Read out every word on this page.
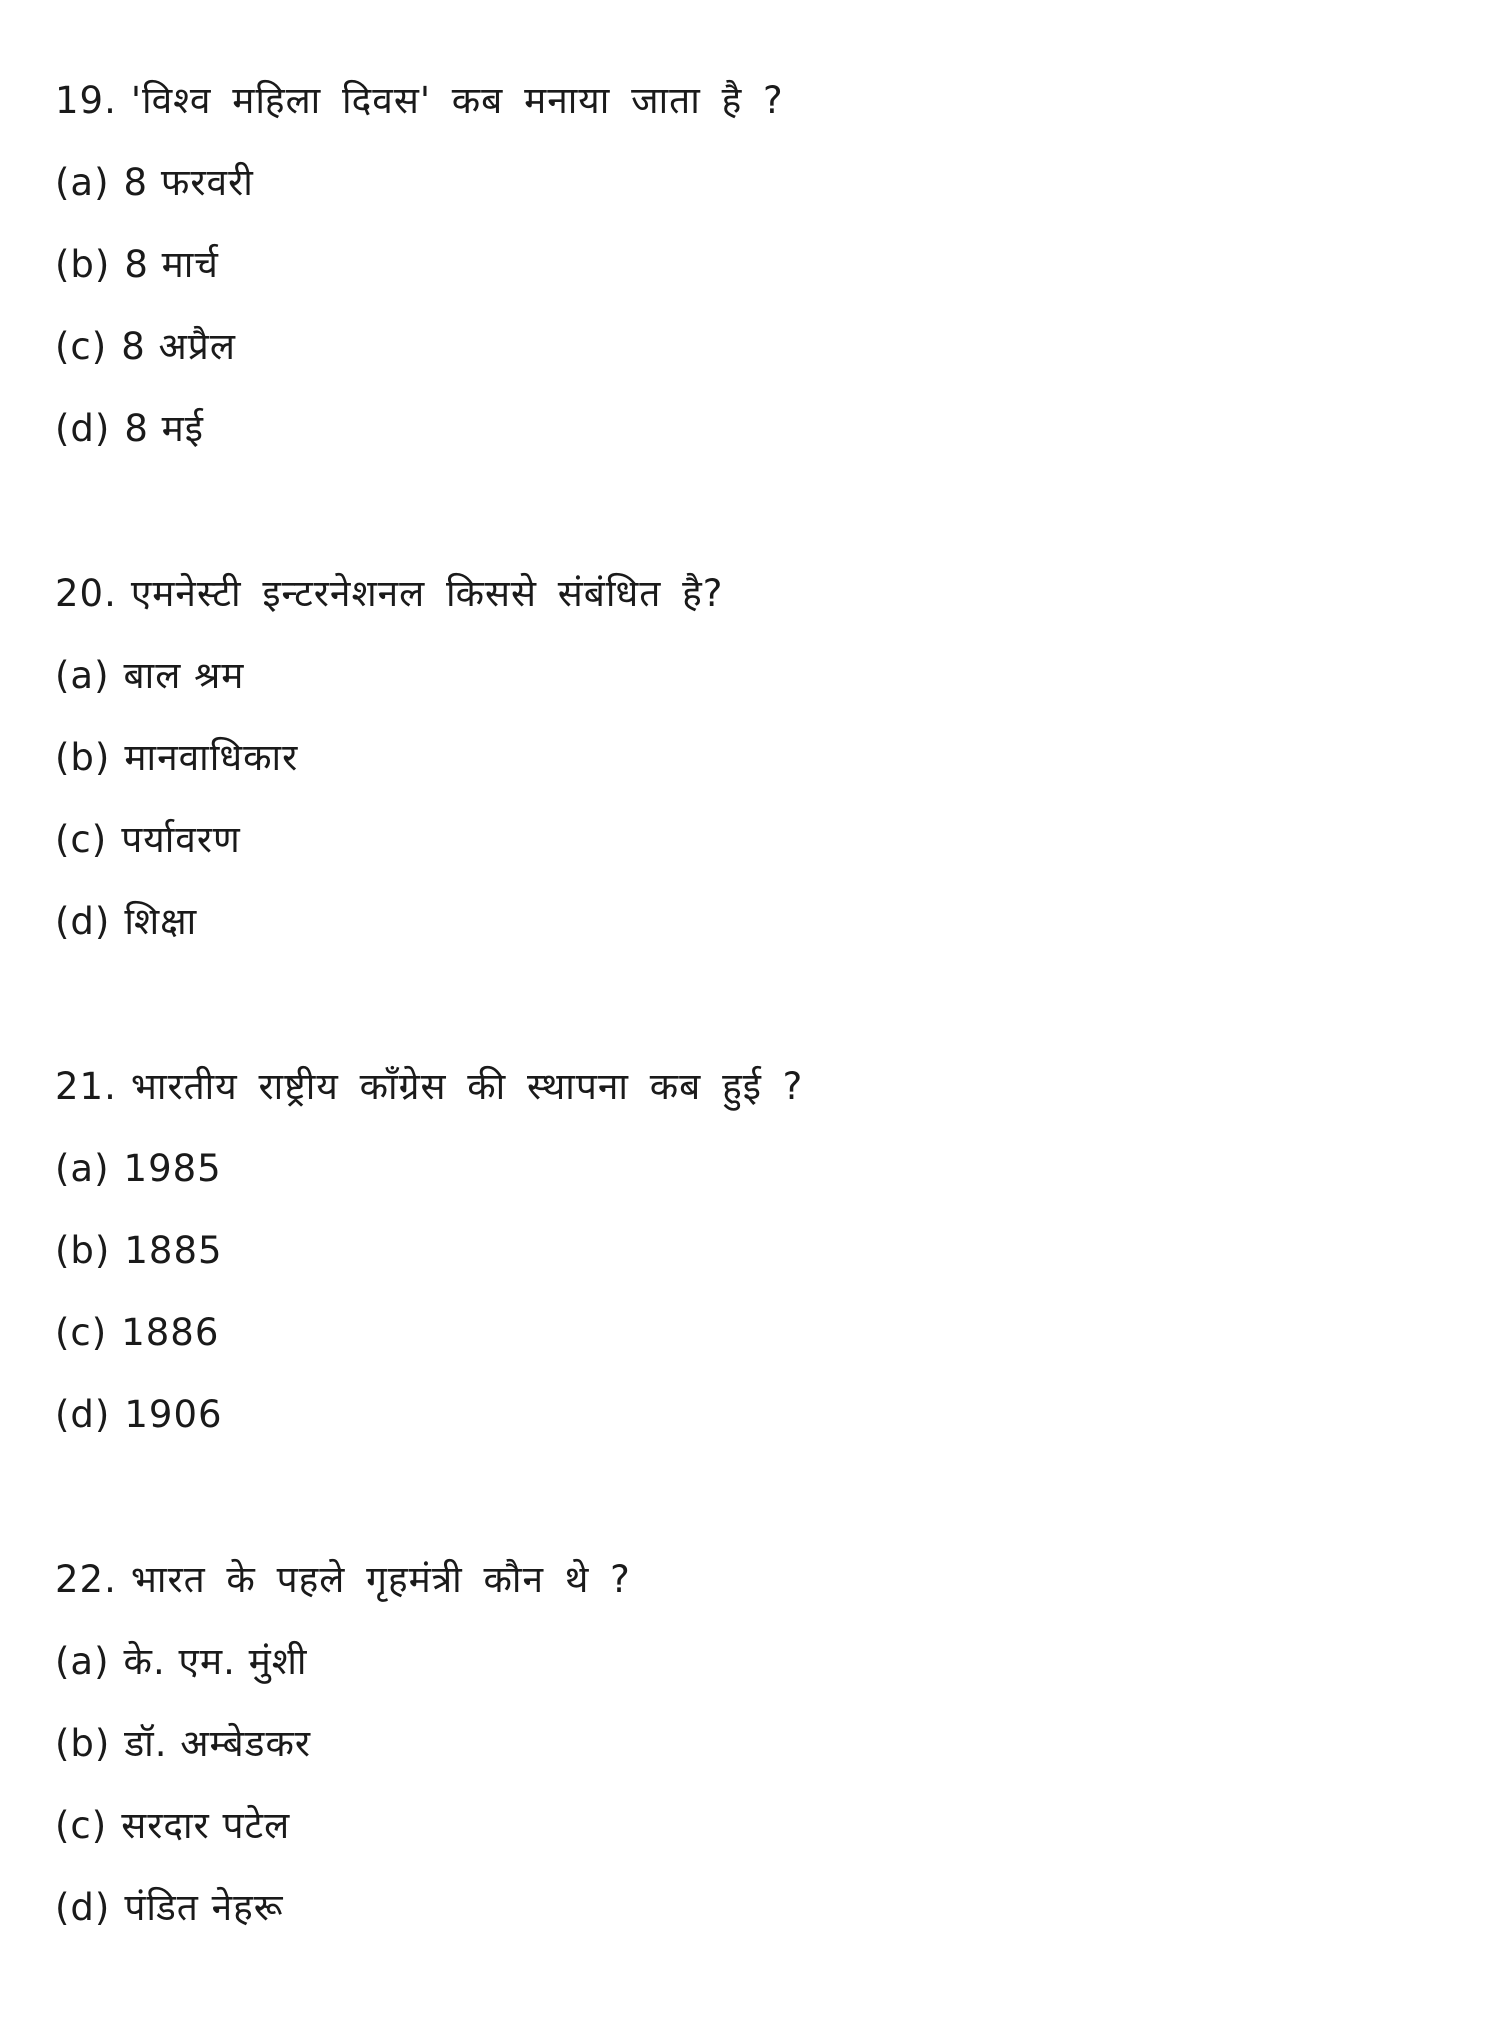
19. 'विश्व महिला दिवस' कब मनाया जाता है ?
(a) 8 फरवरी
(b) 8 मार्च
(c) 8 अप्रैल
(d) 8 मई
20. एमनेस्टी इन्टरनेशनल किससे संबंधित है?
(a) बाल श्रम
(b) मानवाधिकार
(c) पर्यावरण
(d) शिक्षा
21. भारतीय राष्ट्रीय कॉंग्रेस की स्थापना कब हुई ?
(a) 1985
(b) 1885
(c) 1886
(d) 1906
22. भारत के पहले गृहमंत्री कौन थे ?
(a) के. एम. मुंशी
(b) डॉ. अम्बेडकर
(c) सरदार पटेल
(d) पंडित नेहरू
